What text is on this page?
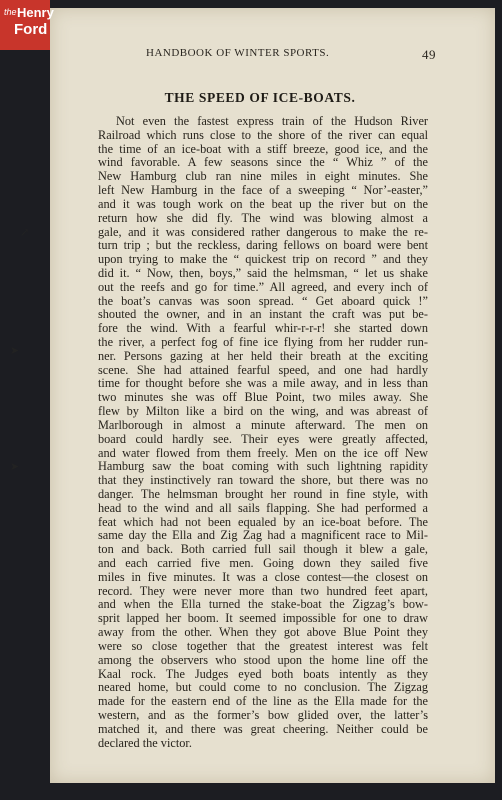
the Henry
Ford
HANDBOOK OF WINTER SPORTS.	49
THE SPEED OF ICE-BOATS.
Not even the fastest express train of the Hudson River
Railroad which runs close to the shore of the river can equal
the time of an ice-boat with a stiff breeze, good ice, and the
wind favorable. A few seasons since the “ Whiz ” of the
New Hamburg club ran nine miles in eight minutes. She
left New Hamburg in the face of a sweeping “ Nor’-easter,”
and it was tough work on the beat up the river but on the
return how she did fly. The wind was blowing almost a
gale, and it was considered rather dangerous to make the re-
turn trip ; but the reckless, daring fellows on board were bent
upon trying to make the “ quickest trip on record ” and they
did it. “ Now, then, boys,” said the helmsman, “ let us shake
out the reefs and go for time.” All agreed, and every inch of
the boat’s canvas was soon spread. “ Get aboard quick !”
shouted the owner, and in an instant the craft was put be-
fore the wind. With a fearful whir-r-r-r! she started down
the river, a perfect fog of fine ice flying from her rudder run-
ner. Persons gazing at her held their breath at the exciting
scene. She had attained fearful speed, and one had hardly
time for thought before she was a mile away, and in less than
two minutes she was off Blue Point, two miles away. She
flew by Milton like a bird on the wing, and was abreast of
Marlborough in almost a minute afterward. The men on
board could hardly see. Their eyes were greatly affected,
and water flowed from them freely. Men on the ice off New
Hamburg saw the boat coming with such lightning rapidity
that they instinctively ran toward the shore, but there was no
danger. The helmsman brought her round in fine style, with
head to the wind and all sails flapping. She had performed a
feat which had not been equaled by an ice-boat before. The
same day the Ella and Zig Zag had a magnificent race to Mil-
ton and back. Both carried full sail though it blew a gale,
and each carried five men. Going down they sailed five
miles in five minutes. It was a close contest—the closest on
record. They were never more than two hundred feet apart,
and when the Ella turned the stake-boat the Zigzag’s bow-
sprit lapped her boom. It seemed impossible for one to draw
away from the other. When they got above Blue Point they
were so close together that the greatest interest was felt
among the observers who stood upon the home line off the
Kaal rock. The Judges eyed both boats intently as they
neared home, but could come to no conclusion. The Zigzag
made for the eastern end of the line as the Ella made for the
western, and as the former’s bow glided over, the latter’s
matched it, and there was great cheering. Neither could be
declared the victor.
↗
➤
➤
